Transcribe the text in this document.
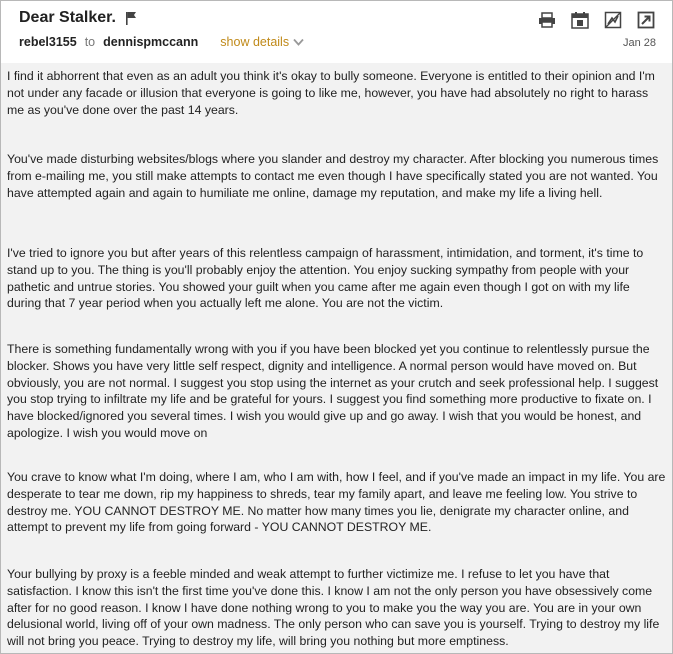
Dear Stalker.
rebel3155 to dennispmccann show details	Jan 28

I find it abhorrent that even as an adult you think it's okay to bully someone. Everyone is entitled to their opinion and I'm not under any facade or illusion that everyone is going to like me, however, you have had absolutely no right to harass me as you've done over the past 14 years.

You've made disturbing websites/blogs where you slander and destroy my character. After blocking you numerous times from e-mailing me, you still make attempts to contact me even though I have specifically stated you are not wanted. You have attempted again and again to humiliate me online, damage my reputation, and make my life a living hell.

I've tried to ignore you but after years of this relentless campaign of harassment, intimidation, and torment, it's time to stand up to you. The thing is you'll probably enjoy the attention. You enjoy sucking sympathy from people with your pathetic and untrue stories. You showed your guilt when you came after me again even though I got on with my life during that 7 year period when you actually left me alone. You are not the victim.

There is something fundamentally wrong with you if you have been blocked yet you continue to relentlessly pursue the blocker. Shows you have very little self respect, dignity and intelligence. A normal person would have moved on. But obviously, you are not normal. I suggest you stop using the internet as your crutch and seek professional help. I suggest you stop trying to infiltrate my life and be grateful for yours. I suggest you find something more productive to fixate on. I have blocked/ignored you several times. I wish you would give up and go away. I wish that you would be honest, and apologize. I wish you would move on

You crave to know what I'm doing, where I am, who I am with, how I feel, and if you've made an impact in my life. You are desperate to tear me down, rip my happiness to shreds, tear my family apart, and leave me feeling low. You strive to destroy me. YOU CANNOT DESTROY ME. No matter how many times you lie, denigrate my character online, and attempt to prevent my life from going forward - YOU CANNOT DESTROY ME.

Your bullying by proxy is a feeble minded and weak attempt to further victimize me. I refuse to let you have that satisfaction. I know this isn't the first time you've done this. I know I am not the only person you have obsessively come after for no good reason. I know I have done nothing wrong to you to make you the way you are. You are in your own delusional world, living off of your own madness. The only person who can save you is yourself. Trying to destroy my life will not bring you peace. Trying to destroy my life, will bring you nothing but more emptiness.
